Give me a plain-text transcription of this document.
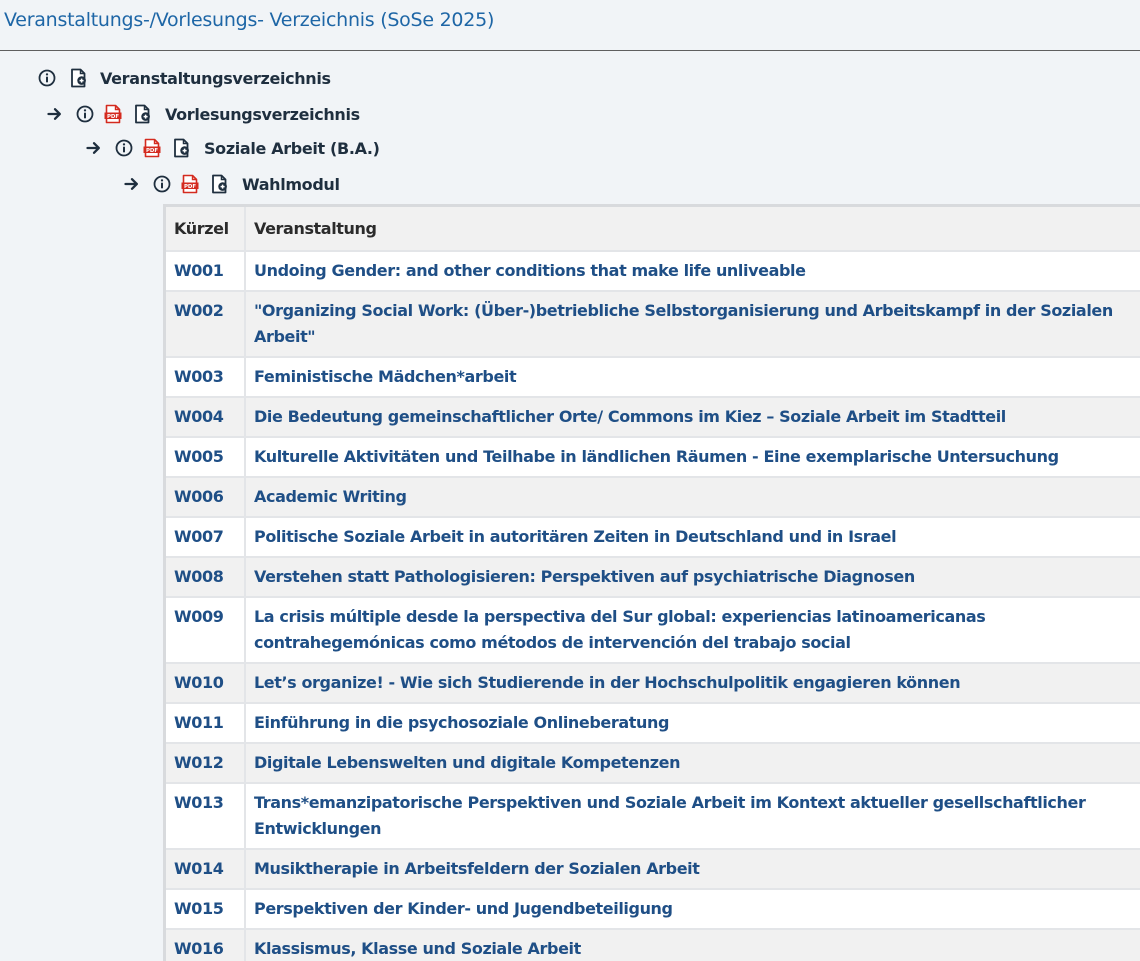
Veranstaltungs-/Vorlesungs- Verzeichnis (SoSe 2025)
Veranstaltungsverzeichnis
PDF	Vorlesungsverzeichnis
PDF	Soziale Arbeit (B.A.)
PDF	Wahlmodul
Kürzel	Veranstaltung
W001	Undoing Gender: and other conditions that make life unliveable
W002	"Organizing Social Work: (Über-)betriebliche Selbstorganisierung und Arbeitskampf in der Sozialen Arbeit"
W003	Feministische Mädchen*arbeit
W004	Die Bedeutung gemeinschaftlicher Orte/ Commons im Kiez – Soziale Arbeit im Stadtteil
W005	Kulturelle Aktivitäten und Teilhabe in ländlichen Räumen - Eine exemplarische Untersuchung
W006	Academic Writing
W007	Politische Soziale Arbeit in autoritären Zeiten in Deutschland und in Israel
W008	Verstehen statt Pathologisieren: Perspektiven auf psychiatrische Diagnosen
W009	La crisis múltiple desde la perspectiva del Sur global: experiencias latinoamericanas contrahegemónicas como métodos de intervención del trabajo social
W010	Let’s organize! - Wie sich Studierende in der Hochschulpolitik engagieren können
W011	Einführung in die psychosoziale Onlineberatung
W012	Digitale Lebenswelten und digitale Kompetenzen
W013	Trans*emanzipatorische Perspektiven und Soziale Arbeit im Kontext aktueller gesellschaftlicher Entwicklungen
W014	Musiktherapie in Arbeitsfeldern der Sozialen Arbeit
W015	Perspektiven der Kinder- und Jugendbeteiligung
W016	Klassismus, Klasse und Soziale Arbeit
